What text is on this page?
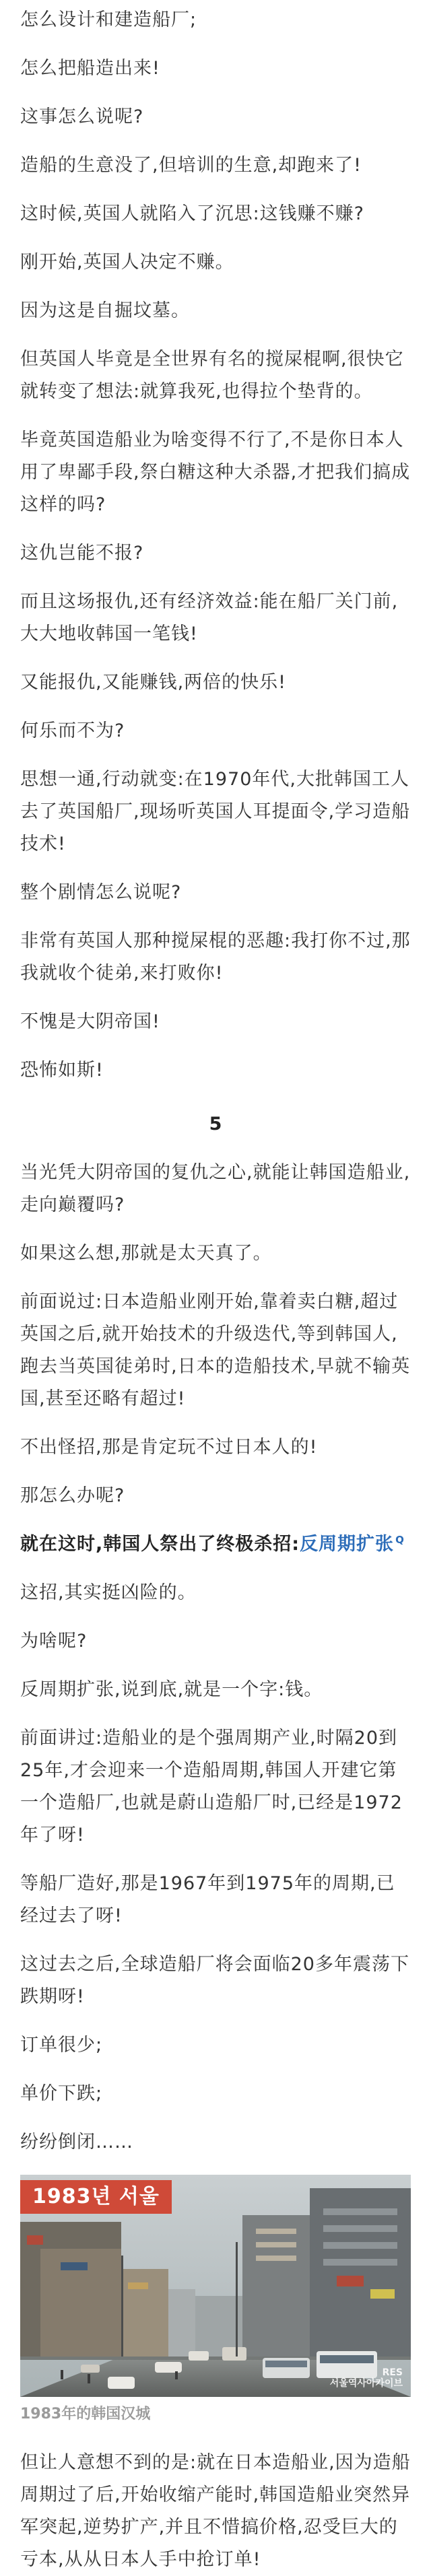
怎么设计和建造船厂;

怎么把船造出来!

这事怎么说呢?

造船的生意没了,但培训的生意,却跑来了!

这时候,英国人就陷入了沉思:这钱赚不赚?

刚开始,英国人决定不赚。

因为这是自掘坟墓。

但英国人毕竟是全世界有名的搅屎棍啊,很快它就转变了想法:就算我死,也得拉个垫背的。

毕竟英国造船业为啥变得不行了,不是你日本人用了卑鄙手段,祭白糖这种大杀器,才把我们搞成这样的吗?

这仇岂能不报?

而且这场报仇,还有经济效益:能在船厂关门前,大大地收韩国一笔钱!

又能报仇,又能赚钱,两倍的快乐!

何乐而不为?

思想一通,行动就变:在1970年代,大批韩国工人去了英国船厂,现场听英国人耳提面令,学习造船技术!

整个剧情怎么说呢?

非常有英国人那种搅屎棍的恶趣:我打你不过,那我就收个徒弟,来打败你!

不愧是大阴帝国!

恐怖如斯!

5

当光凭大阴帝国的复仇之心,就能让韩国造船业,走向巅覆吗?

如果这么想,那就是太天真了。

前面说过:日本造船业刚开始,靠着卖白糖,超过英国之后,就开始技术的升级迭代,等到韩国人,跑去当英国徒弟时,日本的造船技术,早就不输英国,甚至还略有超过!

不出怪招,那是肯定玩不过日本人的!

那怎么办呢?

就在这时,韩国人祭出了终极杀招:反周期扩张 Q

这招,其实挺凶险的。

为啥呢?

反周期扩张,说到底,就是一个字:钱。

前面讲过:造船业的是个强周期产业,时隔20到25年,才会迎来一个造船周期,韩国人开建它第一个造船厂,也就是蔚山造船厂时,已经是1972年了呀!

等船厂造好,那是1967年到1975年的周期,已经过去了呀!

这过去之后,全球造船厂将会面临20多年震荡下跌期呀!

订单很少;

单价下跌;

纷纷倒闭……

1983년 서울
RES
서울역사아카이브

1983年的韩国汉城

但让人意想不到的是:就在日本造船业,因为造船周期过了后,开始收缩产能时,韩国造船业突然异军突起,逆势扩产,并且不惜搞价格,忍受巨大的亏本,从从日本人手中抢订单!
